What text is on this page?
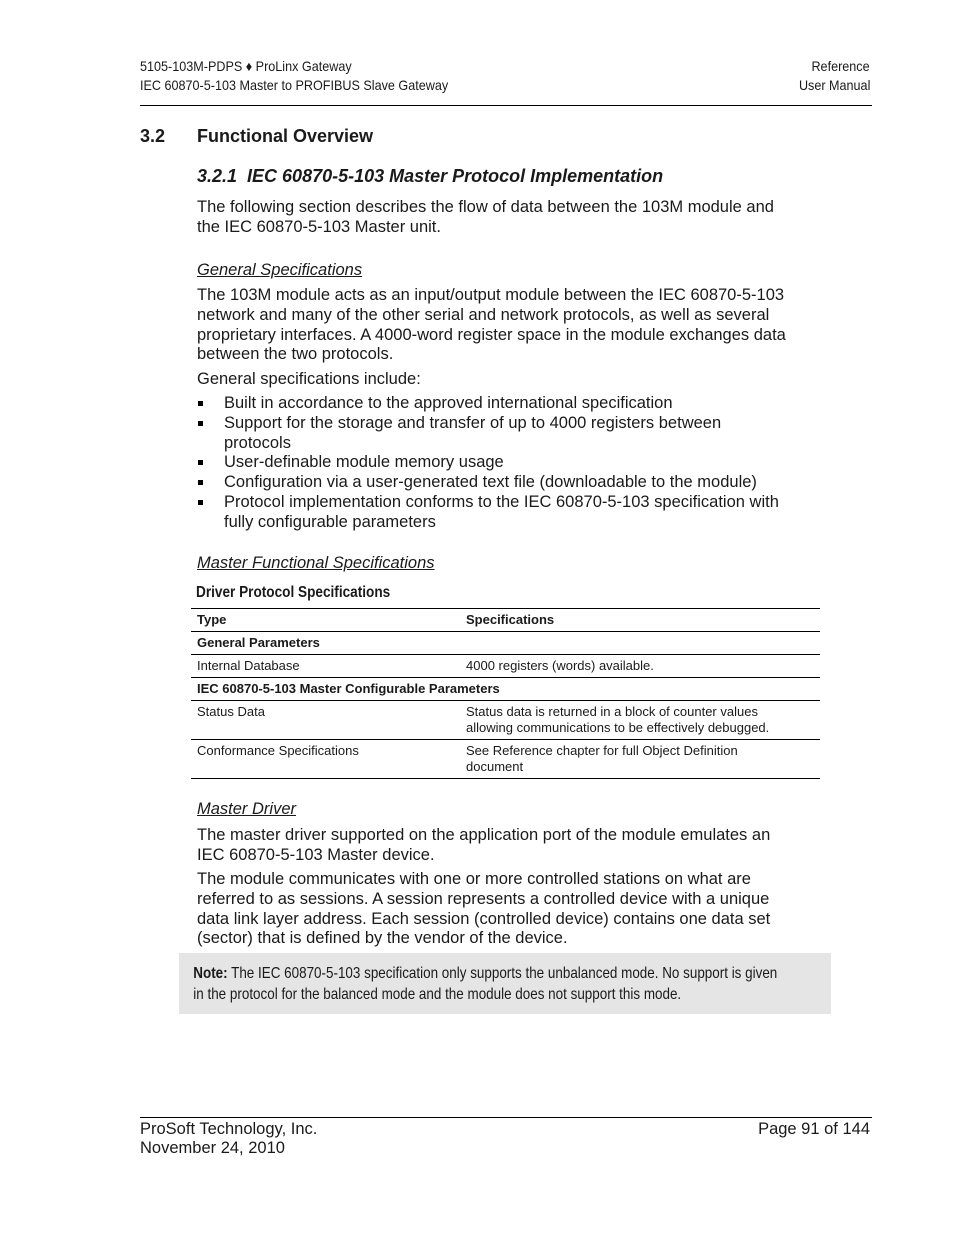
5105-103M-PDPS ♦ ProLinx Gateway
IEC 60870-5-103 Master to PROFIBUS Slave Gateway
Reference
User Manual
3.2 Functional Overview
3.2.1  IEC 60870-5-103 Master Protocol Implementation
The following section describes the flow of data between the 103M module and
the IEC 60870-5-103 Master unit.
General Specifications
The 103M module acts as an input/output module between the IEC 60870-5-103
network and many of the other serial and network protocols, as well as several
proprietary interfaces. A 4000-word register space in the module exchanges data
between the two protocols.
General specifications include:
Built in accordance to the approved international specification
Support for the storage and transfer of up to 4000 registers between
protocols
User-definable module memory usage
Configuration via a user-generated text file (downloadable to the module)
Protocol implementation conforms to the IEC 60870-5-103 specification with
fully configurable parameters
Master Functional Specifications
Driver Protocol Specifications
Type	Specifications
General Parameters	
Internal Database	4000 registers (words) available.
IEC 60870-5-103 Master Configurable Parameters	
Status Data	Status data is returned in a block of counter values
allowing communications to be effectively debugged.

Conformance Specifications	See Reference chapter for full Object Definition
document
Master Driver
The master driver supported on the application port of the module emulates an
IEC 60870-5-103 Master device.
The module communicates with one or more controlled stations on what are
referred to as sessions. A session represents a controlled device with a unique
data link layer address. Each session (controlled device) contains one data set
(sector) that is defined by the vendor of the device.
Note: The IEC 60870-5-103 specification only supports the unbalanced mode. No support is given
in the protocol for the balanced mode and the module does not support this mode.
ProSoft Technology, Inc.
November 24, 2010
Page 91 of 144
